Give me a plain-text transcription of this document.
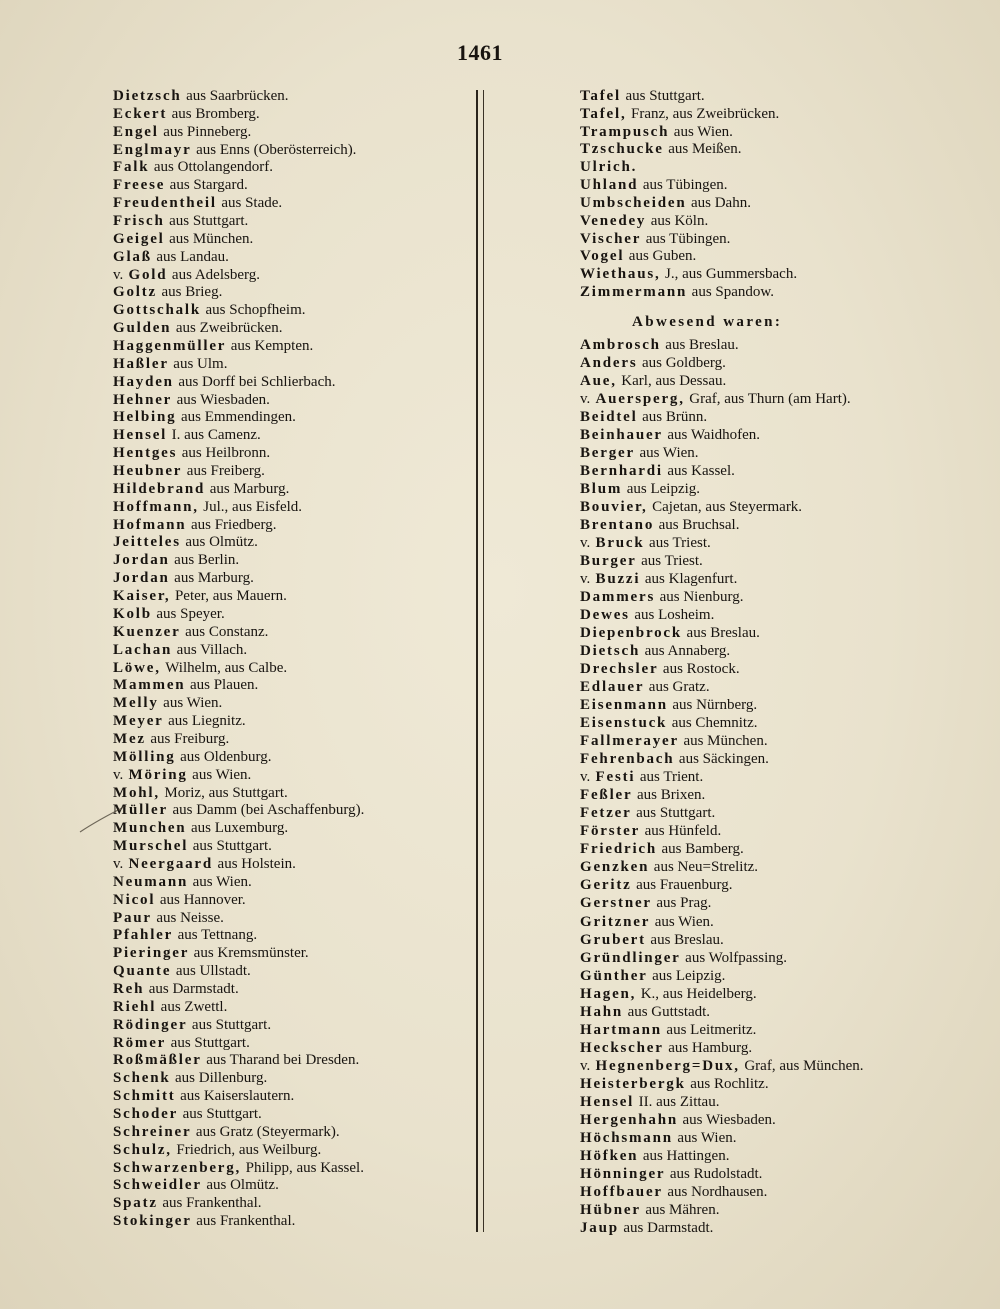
1461
Dietzsch aus Saarbrücken.
Eckert aus Bromberg.
Engel aus Pinneberg.
Englmayr aus Enns (Oberösterreich).
Falk aus Ottolangendorf.
Freese aus Stargard.
Freudentheil aus Stade.
Frisch aus Stuttgart.
Geigel aus München.
Glaß aus Landau.
v. Gold aus Adelsberg.
Goltz aus Brieg.
Gottschalk aus Schopfheim.
Gulden aus Zweibrücken.
Haggenmüller aus Kempten.
Haßler aus Ulm.
Hayden aus Dorff bei Schlierbach.
Hehner aus Wiesbaden.
Helbing aus Emmendingen.
Hensel I. aus Camenz.
Hentges aus Heilbronn.
Heubner aus Freiberg.
Hildebrand aus Marburg.
Hoffmann, Jul., aus Eisfeld.
Hofmann aus Friedberg.
Jeitteles aus Olmütz.
Jordan aus Berlin.
Jordan aus Marburg.
Kaiser, Peter, aus Mauern.
Kolb aus Speyer.
Kuenzer aus Constanz.
Lachan aus Villach.
Löwe, Wilhelm, aus Calbe.
Mammen aus Plauen.
Melly aus Wien.
Meyer aus Liegnitz.
Mez aus Freiburg.
Mölling aus Oldenburg.
v. Möring aus Wien.
Mohl, Moriz, aus Stuttgart.
Müller aus Damm (bei Aschaffenburg).
Munchen aus Luxemburg.
Murschel aus Stuttgart.
v. Neergaard aus Holstein.
Neumann aus Wien.
Nicol aus Hannover.
Paur aus Neisse.
Pfahler aus Tettnang.
Pieringer aus Kremsmünster.
Quante aus Ullstadt.
Reh aus Darmstadt.
Riehl aus Zwettl.
Rödinger aus Stuttgart.
Römer aus Stuttgart.
Roßmäßler aus Tharand bei Dresden.
Schenk aus Dillenburg.
Schmitt aus Kaiserslautern.
Schoder aus Stuttgart.
Schreiner aus Gratz (Steyermark).
Schulz, Friedrich, aus Weilburg.
Schwarzenberg, Philipp, aus Kassel.
Schweidler aus Olmütz.
Spatz aus Frankenthal.
Stokinger aus Frankenthal.
Tafel aus Stuttgart.
Tafel, Franz, aus Zweibrücken.
Trampusch aus Wien.
Tzschucke aus Meißen.
Ulrich.
Uhland aus Tübingen.
Umbscheiden aus Dahn.
Venedey aus Köln.
Vischer aus Tübingen.
Vogel aus Guben.
Wiethaus, J., aus Gummersbach.
Zimmermann aus Spandow.
Abwesend waren:
Ambrosch aus Breslau.
Anders aus Goldberg.
Aue, Karl, aus Dessau.
v. Auersperg, Graf, aus Thurn (am Hart).
Beidtel aus Brünn.
Beinhauer aus Waidhofen.
Berger aus Wien.
Bernhardi aus Kassel.
Blum aus Leipzig.
Bouvier, Cajetan, aus Steyermark.
Brentano aus Bruchsal.
v. Bruck aus Triest.
Burger aus Triest.
v. Buzzi aus Klagenfurt.
Dammers aus Nienburg.
Dewes aus Losheim.
Diepenbrock aus Breslau.
Dietsch aus Annaberg.
Drechsler aus Rostock.
Edlauer aus Gratz.
Eisenmann aus Nürnberg.
Eisenstuck aus Chemnitz.
Fallmerayer aus München.
Fehrenbach aus Säckingen.
v. Festi aus Trient.
Feßler aus Brixen.
Fetzer aus Stuttgart.
Förster aus Hünfeld.
Friedrich aus Bamberg.
Genzken aus Neu=Strelitz.
Geritz aus Frauenburg.
Gerstner aus Prag.
Gritzner aus Wien.
Grubert aus Breslau.
Gründlinger aus Wolfpassing.
Günther aus Leipzig.
Hagen, K., aus Heidelberg.
Hahn aus Guttstadt.
Hartmann aus Leitmeritz.
Heckscher aus Hamburg.
v. Hegnenberg=Dux, Graf, aus München.
Heisterbergk aus Rochlitz.
Hensel II. aus Zittau.
Hergenhahn aus Wiesbaden.
Höchsmann aus Wien.
Höfken aus Hattingen.
Hönninger aus Rudolstadt.
Hoffbauer aus Nordhausen.
Hübner aus Mähren.
Jaup aus Darmstadt.
